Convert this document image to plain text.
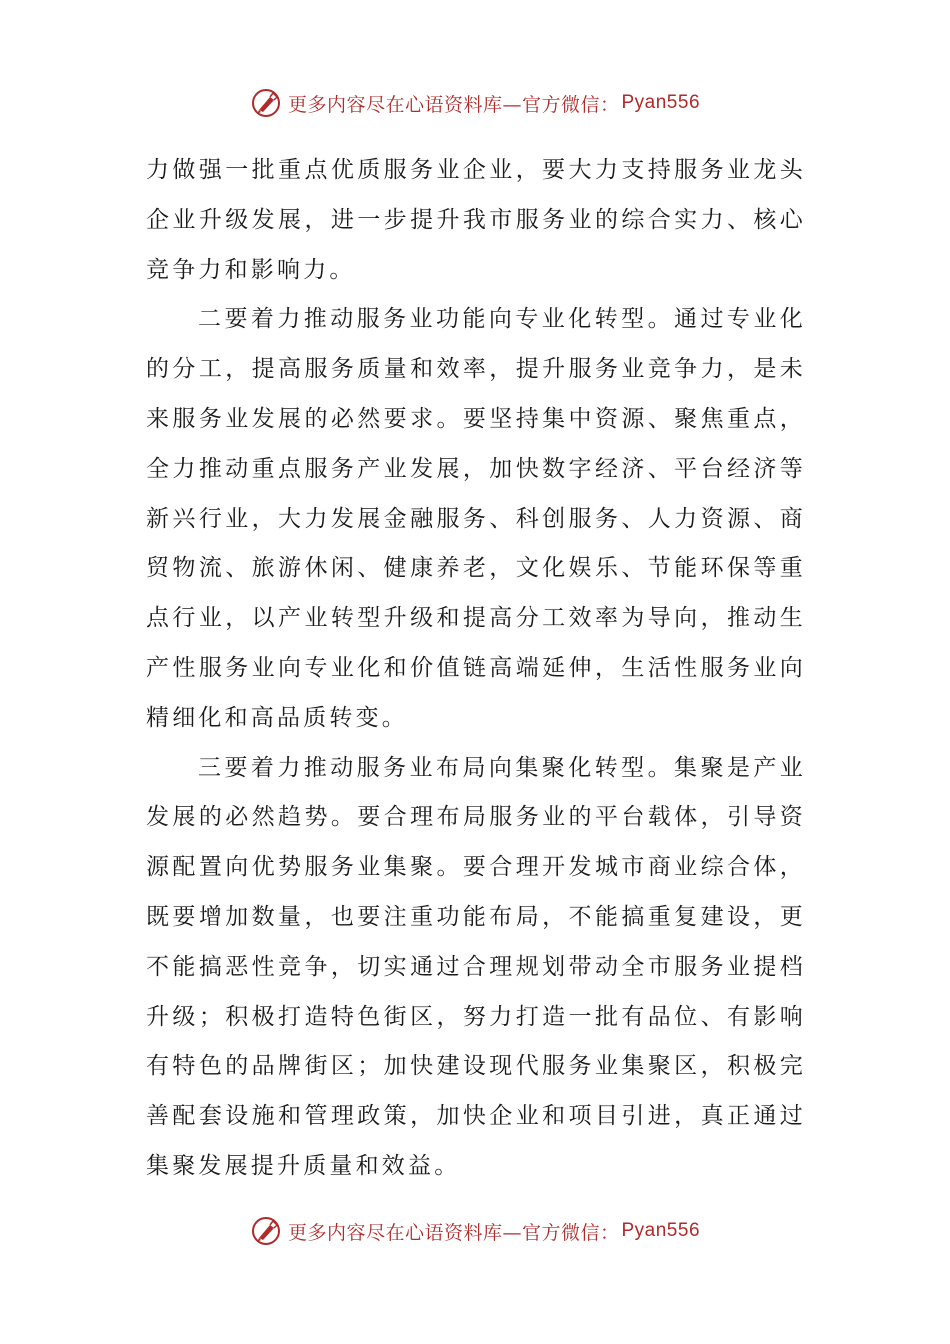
更多内容尽在心语资料库—官方微信： Pyan556

力做强一批重点优质服务业企业，要大力支持服务业龙头企业升级发展，进一步提升我市服务业的综合实力、核心竞争力和影响力。

二要着力推动服务业功能向专业化转型。通过专业化的分工，提高服务质量和效率，提升服务业竞争力，是未来服务业发展的必然要求。要坚持集中资源、聚焦重点，全力推动重点服务产业发展，加快数字经济、平台经济等新兴行业，大力发展金融服务、科创服务、人力资源、商贸物流、旅游休闲、健康养老，文化娱乐、节能环保等重点行业，以产业转型升级和提高分工效率为导向，推动生产性服务业向专业化和价值链高端延伸，生活性服务业向精细化和高品质转变。

三要着力推动服务业布局向集聚化转型。集聚是产业发展的必然趋势。要合理布局服务业的平台载体，引导资源配置向优势服务业集聚。要合理开发城市商业综合体，既要增加数量，也要注重功能布局，不能搞重复建设，更不能搞恶性竞争，切实通过合理规划带动全市服务业提档升级；积极打造特色街区，努力打造一批有品位、有影响有特色的品牌街区；加快建设现代服务业集聚区，积极完善配套设施和管理政策，加快企业和项目引进，真正通过集聚发展提升质量和效益。

更多内容尽在心语资料库—官方微信： Pyan556
